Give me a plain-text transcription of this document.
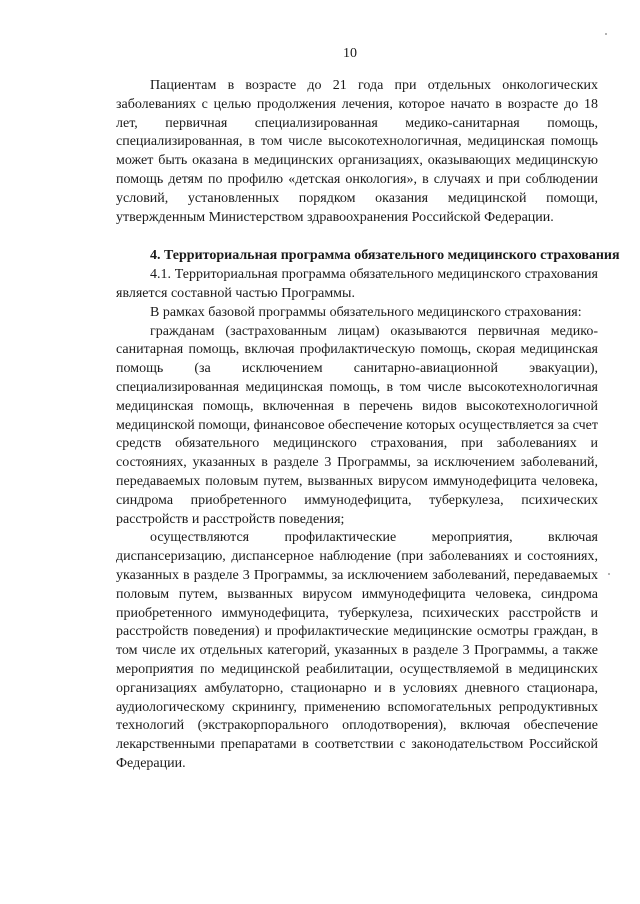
10

Пациентам в возрасте до 21 года при отдельных онкологических заболеваниях с целью продолжения лечения, которое начато в возрасте до 18 лет, первичная специализированная медико-санитарная помощь, специализированная, в том числе высокотехнологичная, медицинская помощь может быть оказана в медицинских организациях, оказывающих медицинскую помощь детям по профилю «детская онкология», в случаях и при соблюдении условий, установленных порядком оказания медицинской помощи, утвержденным Министерством здравоохранения Российской Федерации.

4. Территориальная программа обязательного медицинского страхования

4.1. Территориальная программа обязательного медицинского страхования является составной частью Программы.

В рамках базовой программы обязательного медицинского страхования:

гражданам (застрахованным лицам) оказываются первичная медико-санитарная помощь, включая профилактическую помощь, скорая медицинская помощь (за исключением санитарно-авиационной эвакуации), специализированная медицинская помощь, в том числе высокотехнологичная медицинская помощь, включенная в перечень видов высокотехнологичной медицинской помощи, финансовое обеспечение которых осуществляется за счет средств обязательного медицинского страхования, при заболеваниях и состояниях, указанных в разделе 3 Программы, за исключением заболеваний, передаваемых половым путем, вызванных вирусом иммунодефицита человека, синдрома приобретенного иммунодефицита, туберкулеза, психических расстройств и расстройств поведения;

осуществляются профилактические мероприятия, включая диспансеризацию, диспансерное наблюдение (при заболеваниях и состояниях, указанных в разделе 3 Программы, за исключением заболеваний, передаваемых половым путем, вызванных вирусом иммунодефицита человека, синдрома приобретенного иммунодефицита, туберкулеза, психических расстройств и расстройств поведения) и профилактические медицинские осмотры граждан, в том числе их отдельных категорий, указанных в разделе 3 Программы, а также мероприятия по медицинской реабилитации, осуществляемой в медицинских организациях амбулаторно, стационарно и в условиях дневного стационара, аудиологическому скринингу, применению вспомогательных репродуктивных технологий (экстракорпорального оплодотворения), включая обеспечение лекарственными препаратами в соответствии с законодательством Российской Федерации.
